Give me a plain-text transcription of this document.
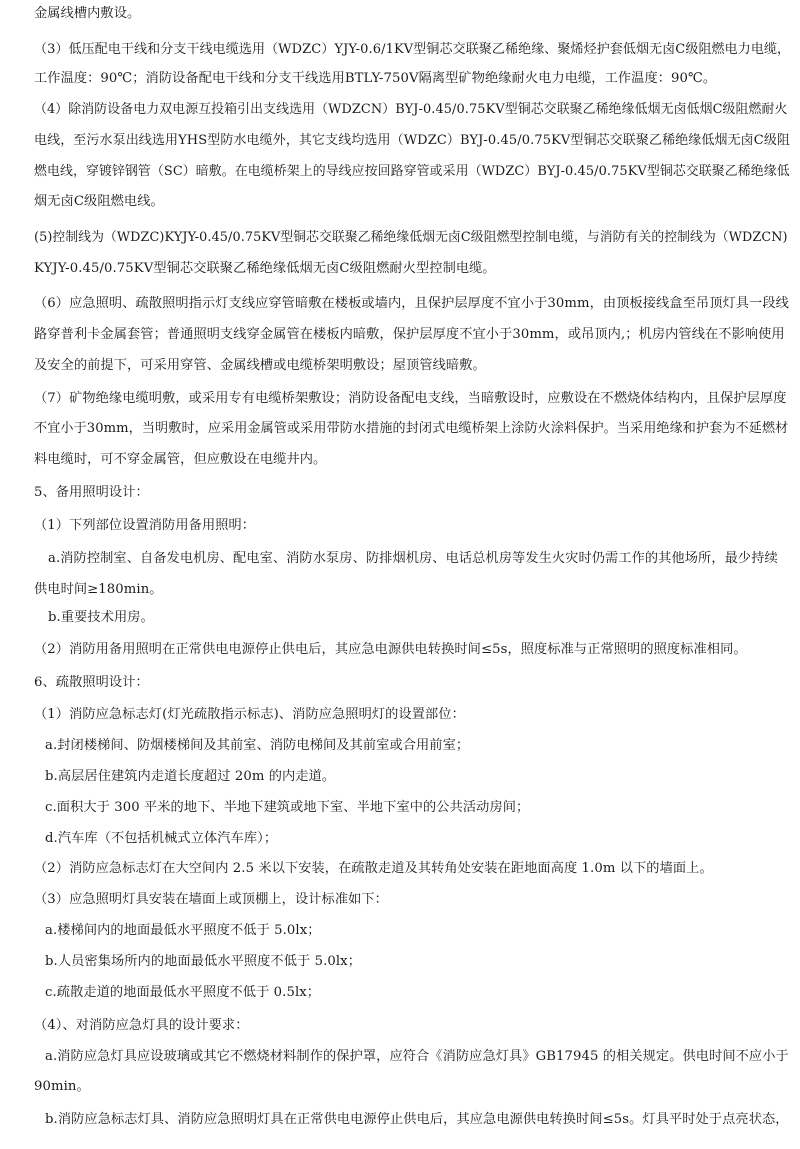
金属线槽内敷设。
（3）低压配电干线和分支干线电缆选用（WDZC）YJY-0.6/1KV型铜芯交联聚乙稀绝缘、聚烯烃护套低烟无卤C级阻燃电力电缆，
工作温度：90℃；消防设备配电干线和分支干线选用BTLY-750V隔离型矿物绝缘耐火电力电缆，工作温度：90℃。
（4）除消防设备电力双电源互投箱引出支线选用（WDZCN）BYJ-0.45/0.75KV型铜芯交联聚乙稀绝缘低烟无卤低烟C级阻燃耐火
电线，至污水泵出线选用YHS型防水电缆外，其它支线均选用（WDZC）BYJ-0.45/0.75KV型铜芯交联聚乙稀绝缘低烟无卤C级阻
燃电线，穿镀锌钢管（SC）暗敷。在电缆桥架上的导线应按回路穿管或采用（WDZC）BYJ-0.45/0.75KV型铜芯交联聚乙稀绝缘低
烟无卤C级阻燃电线。
(5)控制线为（WDZC)KYJY-0.45/0.75KV型铜芯交联聚乙稀绝缘低烟无卤C级阻燃型控制电缆，与消防有关的控制线为（WDZCN)
KYJY-0.45/0.75KV型铜芯交联聚乙稀绝缘低烟无卤C级阻燃耐火型控制电缆。
（6）应急照明、疏散照明指示灯支线应穿管暗敷在楼板或墙内，且保护层厚度不宜小于30mm，由顶板接线盒至吊顶灯具一段线
路穿普利卡金属套管；普通照明支线穿金属管在楼板内暗敷，保护层厚度不宜小于30mm，或吊顶内,；机房内管线在不影响使用
及安全的前提下，可采用穿管、金属线槽或电缆桥架明敷设；屋顶管线暗敷。
（7）矿物绝缘电缆明敷，或采用专有电缆桥架敷设；消防设备配电支线，当暗敷设时，应敷设在不燃烧体结构内，且保护层厚度
不宜小于30mm，当明敷时，应采用金属管或采用带防水措施的封闭式电缆桥架上涂防火涂料保护。当采用绝缘和护套为不延燃材
料电缆时，可不穿金属管，但应敷设在电缆井内。
5、备用照明设计：
（1）下列部位设置消防用备用照明：
a.消防控制室、自备发电机房、配电室、消防水泵房、防排烟机房、电话总机房等发生火灾时仍需工作的其他场所，最少持续
供电时间≥180min。
b.重要技术用房。
（2）消防用备用照明在正常供电电源停止供电后，其应急电源供电转换时间≤5s，照度标准与正常照明的照度标准相同。
6、疏散照明设计：
（1）消防应急标志灯(灯光疏散指示标志)、消防应急照明灯的设置部位：
a.封闭楼梯间、防烟楼梯间及其前室、消防电梯间及其前室或合用前室；
b.高层居住建筑内走道长度超过 20m 的内走道。
c.面积大于 300 平米的地下、半地下建筑或地下室、半地下室中的公共活动房间；
d.汽车库（不包括机械式立体汽车库）；
（2）消防应急标志灯在大空间内 2.5 米以下安装，在疏散走道及其转角处安装在距地面高度 1.0m 以下的墙面上。
（3）应急照明灯具安装在墙面上或顶棚上，设计标准如下：
a.楼梯间内的地面最低水平照度不低于 5.0lx；
b.人员密集场所内的地面最低水平照度不低于 5.0lx；
c.疏散走道的地面最低水平照度不低于 0.5lx；
（4）、对消防应急灯具的设计要求：
a.消防应急灯具应设玻璃或其它不燃烧材料制作的保护罩，应符合《消防应急灯具》GB17945 的相关规定。供电时间不应小于
90min。
b.消防应急标志灯具、消防应急照明灯具在正常供电电源停止供电后，其应急电源供电转换时间≤5s。灯具平时处于点亮状态，
